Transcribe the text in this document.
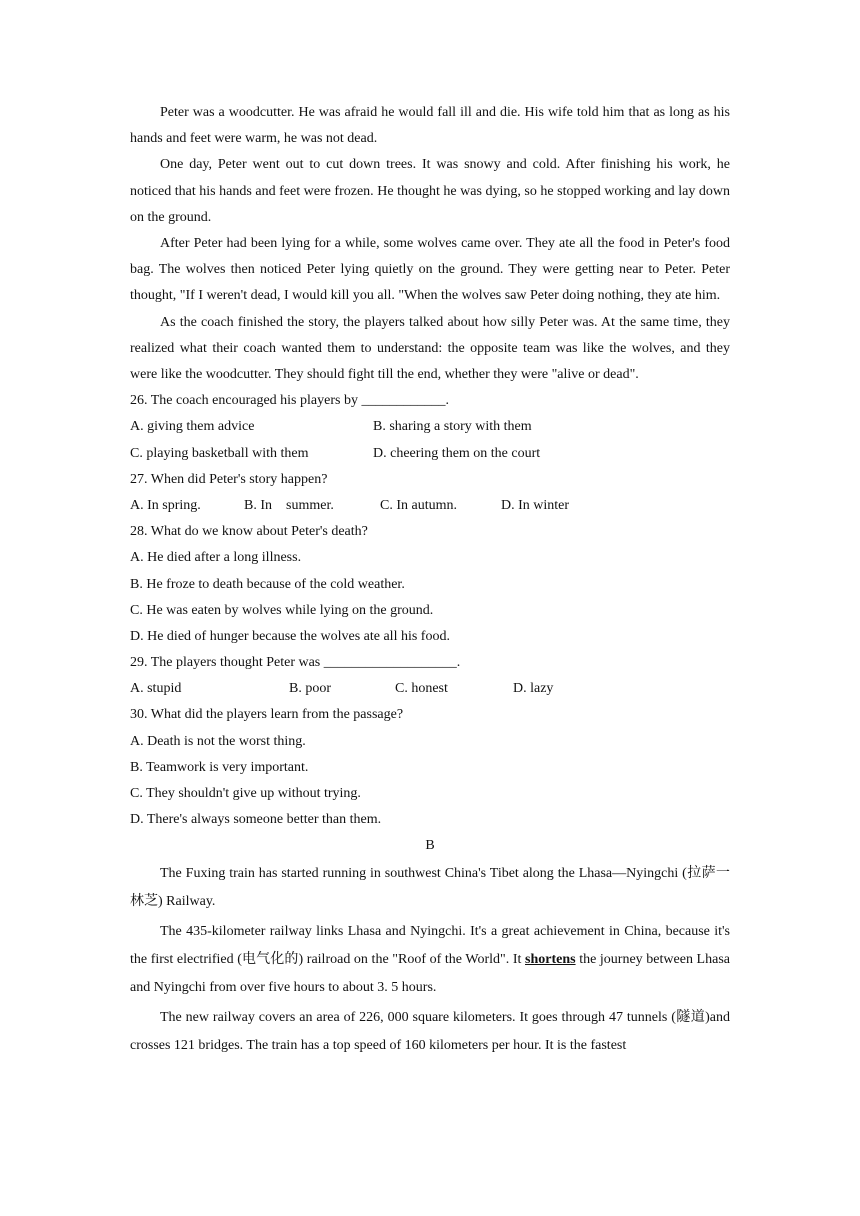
Peter was a woodcutter. He was afraid he would fall ill and die. His wife told him that as long as his hands and feet were warm, he was not dead.

One day, Peter went out to cut down trees. It was snowy and cold. After finishing his work, he noticed that his hands and feet were frozen. He thought he was dying, so he stopped working and lay down on the ground.

After Peter had been lying for a while, some wolves came over. They ate all the food in Peter's food bag. The wolves then noticed Peter lying quietly on the ground. They were getting near to Peter. Peter thought, "If I weren't dead, I would kill you all. "When the wolves saw Peter doing nothing, they ate him.

As the coach finished the story, the players talked about how silly Peter was. At the same time, they realized what their coach wanted them to understand: the opposite team was like the wolves, and they were like the woodcutter. They should fight till the end, whether they were "alive or dead".

26. The coach encouraged his players by ____________.
A. giving them advice	B. sharing a story with them
C. playing basketball with them	D. cheering them on the court
27. When did Peter's story happen?
A. In spring.	B. In    summer.	C. In autumn.	D. In winter
28. What do we know about Peter's death?
A. He died after a long illness.
B. He froze to death because of the cold weather.
C. He was eaten by wolves while lying on the ground.
D. He died of hunger because the wolves ate all his food.
29. The players thought Peter was ___________________.
A. stupid	B. poor	C. honest	D. lazy
30. What did the players learn from the passage?
A. Death is not the worst thing.
B. Teamwork is very important.
C. They shouldn't give up without trying.
D. There's always someone better than them.
B

The Fuxing train has started running in southwest China's Tibet along the Lhasa—Nyingchi (拉萨一林芝) Railway.

The 435-kilometer railway links Lhasa and Nyingchi. It's a great achievement in China, because it's the first electrified (电气化的) railroad on the "Roof of the World". It shortens the journey between Lhasa and Nyingchi from over five hours to about 3. 5 hours.

The new railway covers an area of 226, 000 square kilometers. It goes through 47 tunnels (隧道)and crosses 121 bridges. The train has a top speed of 160 kilometers per hour. It is the fastest
